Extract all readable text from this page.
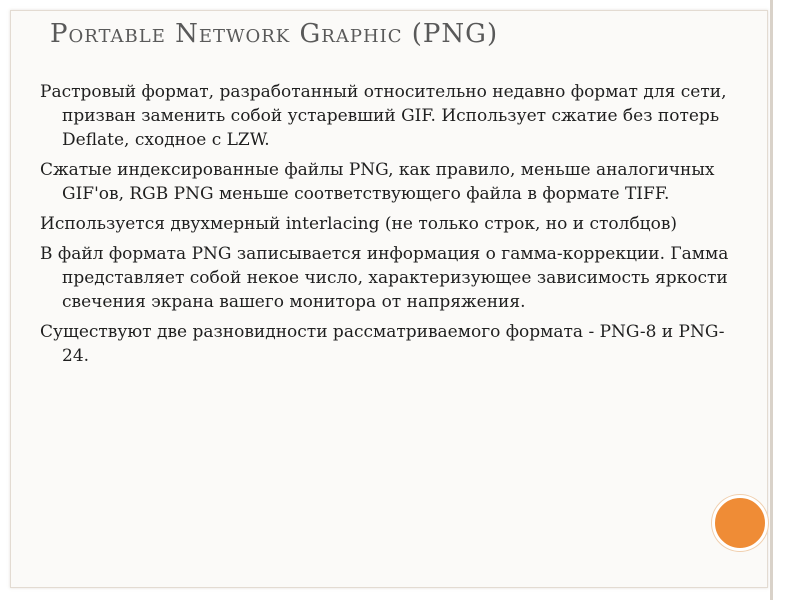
Portable Network Graphic (PNG)
Растровый формат, разработанный относительно недавно формат для сети, призван заменить собой устаревший GIF. Использует сжатие без потерь Deflate, сходное с LZW.
Сжатые индексированные файлы PNG, как правило, меньше аналогичных GIF'ов, RGB PNG меньше соответствующего файла в формате TIFF.
Используется двухмерный interlacing (не только строк, но и столбцов)
В файл формата PNG записывается информация о гамма-коррекции. Гамма представляет собой некое число, характеризующее зависимость яркости свечения экрана вашего монитора от напряжения.
Существуют две разновидности рассматриваемого формата - PNG-8 и PNG-24.
